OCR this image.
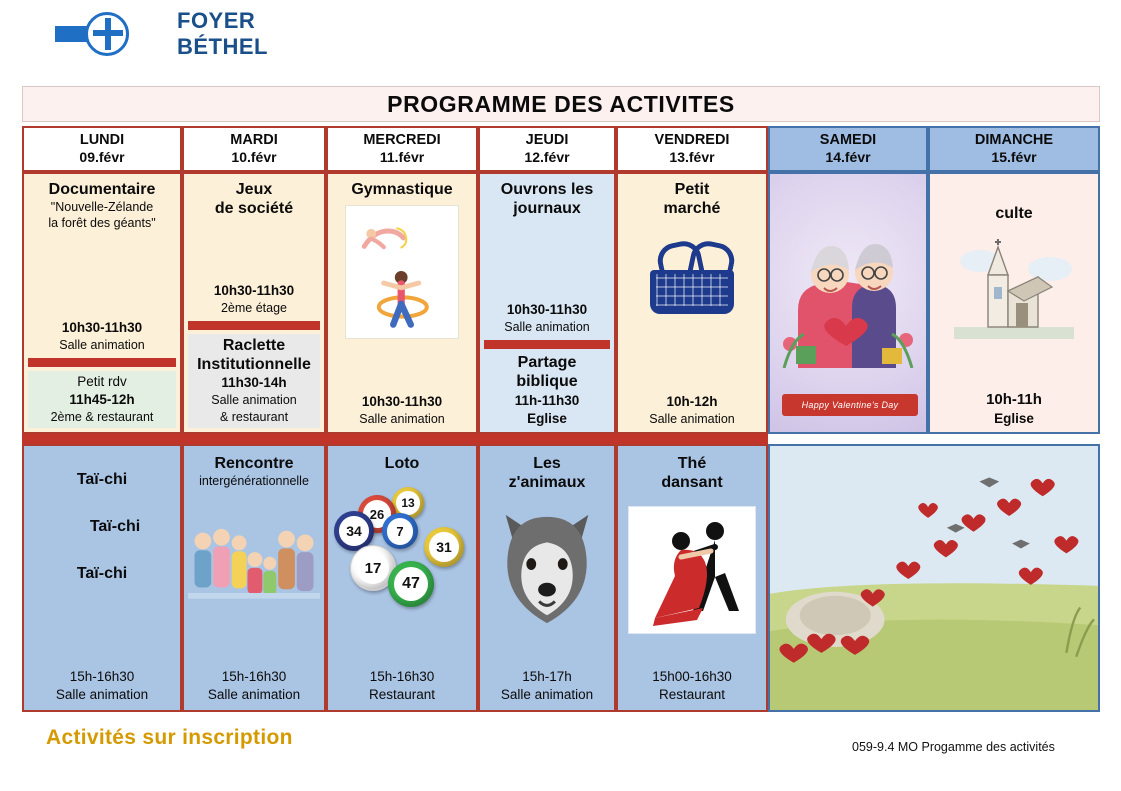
FOYER BÉTHEL
PROGRAMME DES ACTIVITES
LUNDI
09.févr
MARDI
10.févr
MERCREDI
11.févr
JEUDI
12.févr
VENDREDI
13.févr
SAMEDI
14.févr
DIMANCHE
15.févr
Documentaire
"Nouvelle-Zélande
la forêt des géants"
10h30-11h30
Salle animation
Petit rdv
11h45-12h
2ème & restaurant
Jeux
de société
10h30-11h30
2ème étage
Raclette
Institutionnelle
11h30-14h
Salle animation
& restaurant
Gymnastique
10h30-11h30
Salle animation
Ouvrons les
journaux
10h30-11h30
Salle animation
Partage
biblique
11h-11h30
Eglise
Petit
marché
10h-12h
Salle animation
Happy Valentine's Day
culte
10h-11h
Eglise
Taï-chi
Taï-chi
Taï-chi
15h-16h30
Salle animation
Rencontre
intergénérationnelle
15h-16h30
Salle animation
Loto
13
26
34	7
31
17
47
15h-16h30
Restaurant
Les
z'animaux
15h-17h
Salle animation
Thé
dansant
15h00-16h30
Restaurant
Activités sur inscription	059-9.4 MO Progamme des activités
